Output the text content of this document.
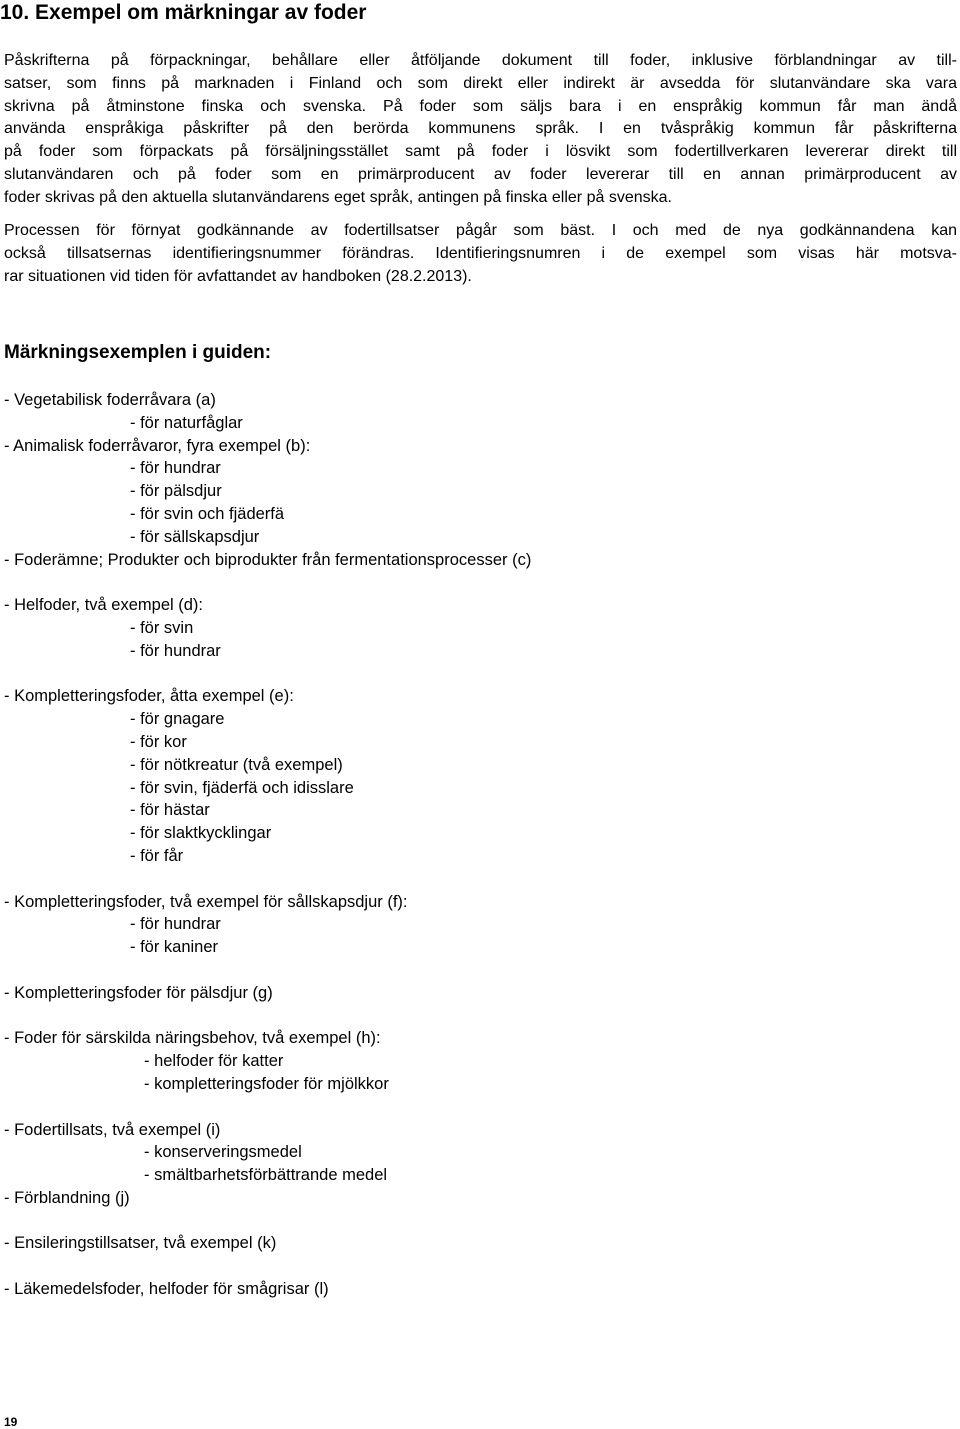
10. Exempel om märkningar av foder
Påskrifterna på förpackningar, behållare eller åtföljande dokument till foder, inklusive förblandningar av till-
satser, som finns på marknaden i Finland och som direkt eller indirekt är avsedda för slutanvändare ska vara
skrivna på åtminstone finska och svenska. På foder som säljs bara i en enspråkig kommun får man ändå
använda enspråkiga påskrifter på den berörda kommunens språk. I en tvåspråkig kommun får påskrifterna
på foder som förpackats på försäljningsstället samt på foder i lösvikt som fodertillverkaren levererar direkt till
slutanvändaren och på foder som en primärproducent av foder levererar till en annan primärproducent av
foder skrivas på den aktuella slutanvändarens eget språk, antingen på finska eller på svenska.
Processen för förnyat godkännande av fodertillsatser pågår som bäst. I och med de nya godkännandena kan
också tillsatsernas identifieringsnummer förändras. Identifieringsnumren i de exempel som visas här motsva-
rar situationen vid tiden för avfattandet av handboken (28.2.2013).
Märkningsexemplen i guiden:
- Vegetabilisk foderråvara (a)
- för naturfåglar
- Animalisk foderråvaror, fyra exempel (b):
- för hundrar
- för pälsdjur
- för svin och fjäderfä
- för sällskapsdjur
- Foderämne; Produkter och biprodukter från fermentationsprocesser (c)
- Helfoder, två exempel (d):
- för svin
- för hundrar
- Kompletteringsfoder, åtta exempel (e):
- för gnagare
- för kor
- för nötkreatur (två exempel)
- för svin, fjäderfä och idisslare
- för hästar
- för slaktkycklingar
- för får
- Kompletteringsfoder, två exempel för sållskapsdjur (f):
- för hundrar
- för kaniner
- Kompletteringsfoder för pälsdjur (g)
- Foder för särskilda näringsbehov, två exempel (h):
- helfoder för katter
- kompletteringsfoder för mjölkkor
- Fodertillsats, två exempel (i)
- konserveringsmedel
- smältbarhetsförbättrande medel
- Förblandning (j)
- Ensileringstillsatser, två exempel (k)
- Läkemedelsfoder, helfoder för smågrisar (l)
19
